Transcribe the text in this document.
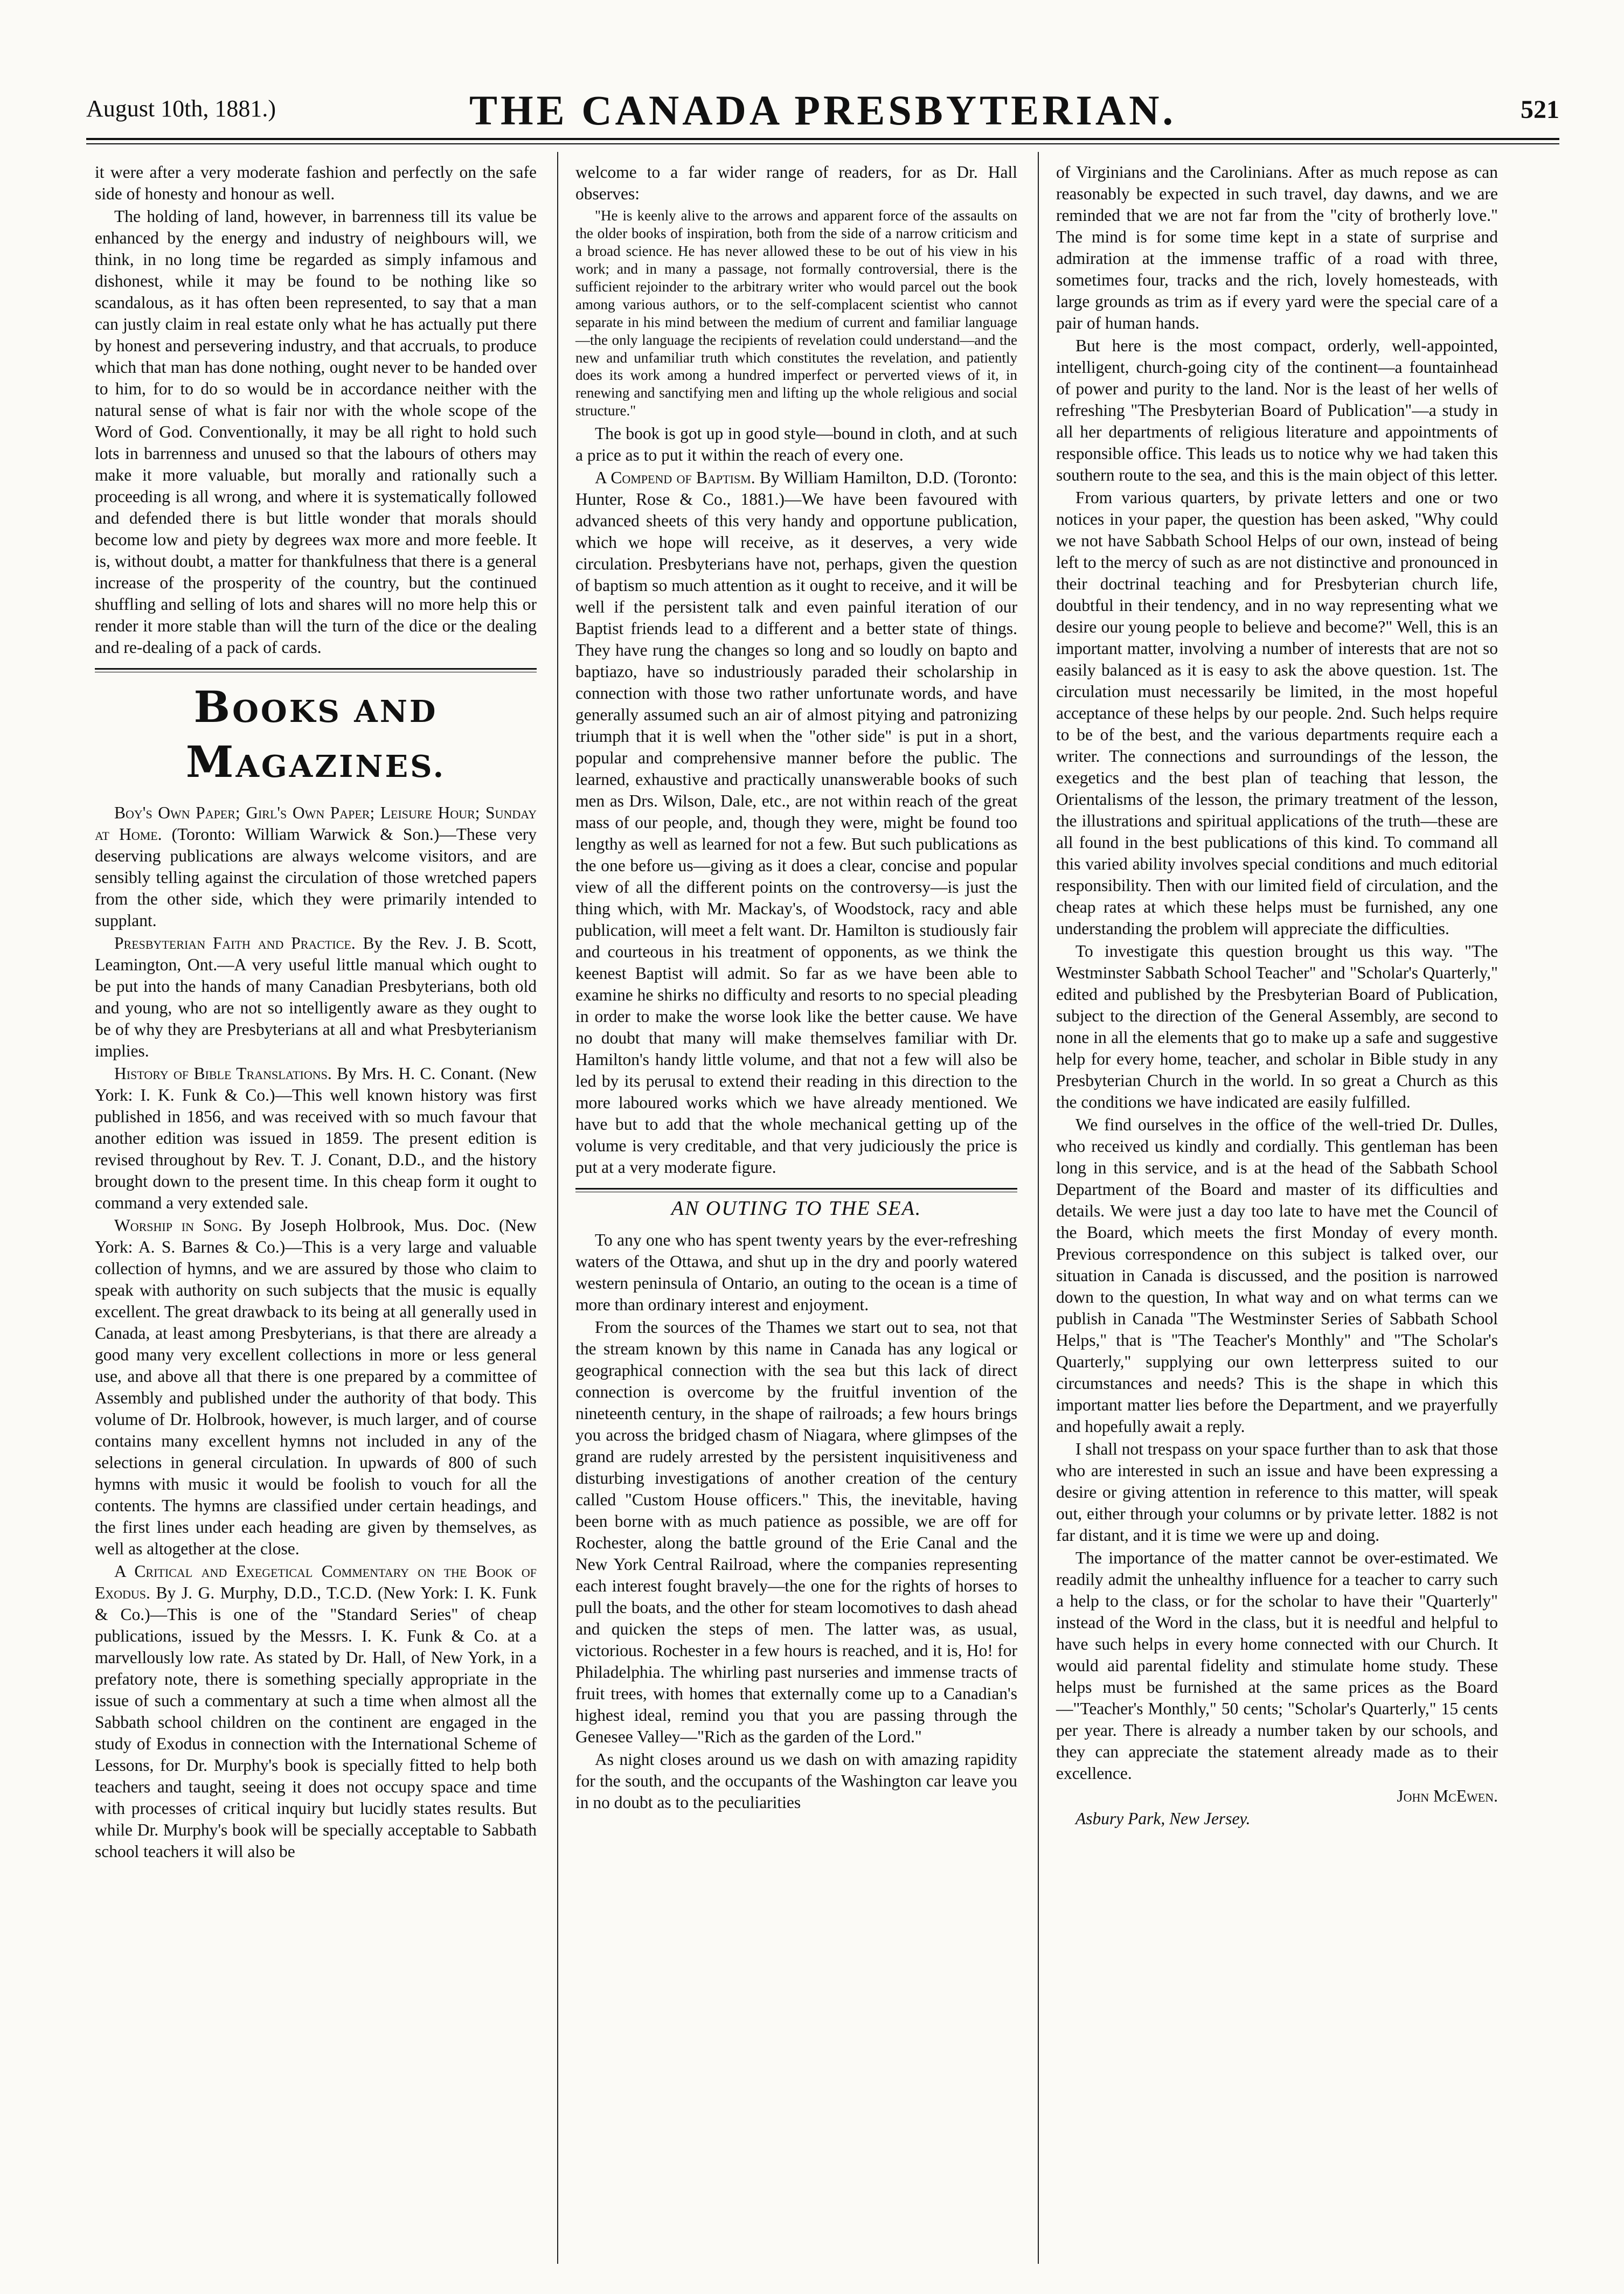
August 10th, 1881.)	THE CANADA PRESBYTERIAN.	521

it were after a very moderate fashion and perfectly on the safe side of honesty and honour as well.

The holding of land, however, in barrenness till its value be enhanced by the energy and industry of neighbours will, we think, in no long time be regarded as simply infamous and dishonest, while it may be found to be nothing like so scandalous, as it has often been represented, to say that a man can justly claim in real estate only what he has actually put there by honest and persevering industry, and that accruals, to produce which that man has done nothing, ought never to be handed over to him, for to do so would be in accordance neither with the natural sense of what is fair nor with the whole scope of the Word of God. Conventionally, it may be all right to hold such lots in barrenness and unused so that the labours of others may make it more valuable, but morally and rationally such a proceeding is all wrong, and where it is systematically followed and defended there is but little wonder that morals should become low and piety by degrees wax more and more feeble. It is, without doubt, a matter for thankfulness that there is a general increase of the prosperity of the country, but the continued shuffling and selling of lots and shares will no more help this or render it more stable than will the turn of the dice or the dealing and re-dealing of a pack of cards.

BOOKS AND MAGAZINES.

Boy's Own Paper; Girl's Own Paper; Leisure Hour; Sunday at Home. (Toronto: William Warwick & Son.)—These very deserving publications are always welcome visitors, and are sensibly telling against the circulation of those wretched papers from the other side, which they were primarily intended to supplant.

Presbyterian Faith and Practice. By the Rev. J. B. Scott, Leamington, Ont.—A very useful little manual which ought to be put into the hands of many Canadian Presbyterians, both old and young, who are not so intelligently aware as they ought to be of why they are Presbyterians at all and what Presbyterianism implies.

History of Bible Translations. By Mrs. H. C. Conant. (New York: I. K. Funk & Co.)—This well known history was first published in 1856, and was received with so much favour that another edition was issued in 1859. The present edition is revised throughout by Rev. T. J. Conant, D.D., and the history brought down to the present time. In this cheap form it ought to command a very extended sale.

Worship in Song. By Joseph Holbrook, Mus. Doc. (New York: A. S. Barnes & Co.)—This is a very large and valuable collection of hymns, and we are assured by those who claim to speak with authority on such subjects that the music is equally excellent. The great drawback to its being at all generally used in Canada, at least among Presbyterians, is that there are already a good many very excellent collections in more or less general use, and above all that there is one prepared by a committee of Assembly and published under the authority of that body. This volume of Dr. Holbrook, however, is much larger, and of course contains many excellent hymns not included in any of the selections in general circulation. In upwards of 800 of such hymns with music it would be foolish to vouch for all the contents. The hymns are classified under certain headings, and the first lines under each heading are given by themselves, as well as altogether at the close.

A Critical and Exegetical Commentary on the Book of Exodus. By J. G. Murphy, D.D., T.C.D. (New York: I. K. Funk & Co.)—This is one of the "Standard Series" of cheap publications, issued by the Messrs. I. K. Funk & Co. at a marvellously low rate. As stated by Dr. Hall, of New York, in a prefatory note, there is something specially appropriate in the issue of such a commentary at such a time when almost all the Sabbath school children on the continent are engaged in the study of Exodus in connection with the International Scheme of Lessons, for Dr. Murphy's book is specially fitted to help both teachers and taught, seeing it does not occupy space and time with processes of critical inquiry but lucidly states results. But while Dr. Murphy's book will be specially acceptable to Sabbath school teachers it will also be

welcome to a far wider range of readers, for as Dr. Hall observes:

"He is keenly alive to the arrows and apparent force of the assaults on the older books of inspiration, both from the side of a narrow criticism and a broad science. He has never allowed these to be out of his view in his work; and in many a passage, not formally controversial, there is the sufficient rejoinder to the arbitrary writer who would parcel out the book among various authors, or to the self-complacent scientist who cannot separate in his mind between the medium of current and familiar language—the only language the recipients of revelation could understand—and the new and unfamiliar truth which constitutes the revelation, and patiently does its work among a hundred imperfect or perverted views of it, in renewing and sanctifying men and lifting up the whole religious and social structure."

The book is got up in good style—bound in cloth, and at such a price as to put it within the reach of every one.

A Compend of Baptism. By William Hamilton, D.D. (Toronto: Hunter, Rose & Co., 1881.)—We have been favoured with advanced sheets of this very handy and opportune publication, which we hope will receive, as it deserves, a very wide circulation. Presbyterians have not, perhaps, given the question of baptism so much attention as it ought to receive, and it will be well if the persistent talk and even painful iteration of our Baptist friends lead to a different and a better state of things. They have rung the changes so long and so loudly on bapto and baptiazo, have so industriously paraded their scholarship in connection with those two rather unfortunate words, and have generally assumed such an air of almost pitying and patronizing triumph that it is well when the "other side" is put in a short, popular and comprehensive manner before the public. The learned, exhaustive and practically unanswerable books of such men as Drs. Wilson, Dale, etc., are not within reach of the great mass of our people, and, though they were, might be found too lengthy as well as learned for not a few. But such publications as the one before us—giving as it does a clear, concise and popular view of all the different points on the controversy—is just the thing which, with Mr. Mackay's, of Woodstock, racy and able publication, will meet a felt want. Dr. Hamilton is studiously fair and courteous in his treatment of opponents, as we think the keenest Baptist will admit. So far as we have been able to examine he shirks no difficulty and resorts to no special pleading in order to make the worse look like the better cause. We have no doubt that many will make themselves familiar with Dr. Hamilton's handy little volume, and that not a few will also be led by its perusal to extend their reading in this direction to the more laboured works which we have already mentioned. We have but to add that the whole mechanical getting up of the volume is very creditable, and that very judiciously the price is put at a very moderate figure.

AN OUTING TO THE SEA.

To any one who has spent twenty years by the ever-refreshing waters of the Ottawa, and shut up in the dry and poorly watered western peninsula of Ontario, an outing to the ocean is a time of more than ordinary interest and enjoyment.

From the sources of the Thames we start out to sea, not that the stream known by this name in Canada has any logical or geographical connection with the sea but this lack of direct connection is overcome by the fruitful invention of the nineteenth century, in the shape of railroads; a few hours brings you across the bridged chasm of Niagara, where glimpses of the grand are rudely arrested by the persistent inquisitiveness and disturbing investigations of another creation of the century called "Custom House officers." This, the inevitable, having been borne with as much patience as possible, we are off for Rochester, along the battle ground of the Erie Canal and the New York Central Railroad, where the companies representing each interest fought bravely—the one for the rights of horses to pull the boats, and the other for steam locomotives to dash ahead and quicken the steps of men. The latter was, as usual, victorious. Rochester in a few hours is reached, and it is, Ho! for Philadelphia. The whirling past nurseries and immense tracts of fruit trees, with homes that externally come up to a Canadian's highest ideal, remind you that you are passing through the Genesee Valley—"Rich as the garden of the Lord."

As night closes around us we dash on with amazing rapidity for the south, and the occupants of the Washington car leave you in no doubt as to the peculiarities

of Virginians and the Carolinians. After as much repose as can reasonably be expected in such travel, day dawns, and we are reminded that we are not far from the "city of brotherly love." The mind is for some time kept in a state of surprise and admiration at the immense traffic of a road with three, sometimes four, tracks and the rich, lovely homesteads, with large grounds as trim as if every yard were the special care of a pair of human hands.

But here is the most compact, orderly, well-appointed, intelligent, church-going city of the continent—a fountainhead of power and purity to the land. Nor is the least of her wells of refreshing "The Presbyterian Board of Publication"—a study in all her departments of religious literature and appointments of responsible office. This leads us to notice why we had taken this southern route to the sea, and this is the main object of this letter.

From various quarters, by private letters and one or two notices in your paper, the question has been asked, "Why could we not have Sabbath School Helps of our own, instead of being left to the mercy of such as are not distinctive and pronounced in their doctrinal teaching and for Presbyterian church life, doubtful in their tendency, and in no way representing what we desire our young people to believe and become?" Well, this is an important matter, involving a number of interests that are not so easily balanced as it is easy to ask the above question. 1st. The circulation must necessarily be limited, in the most hopeful acceptance of these helps by our people. 2nd. Such helps require to be of the best, and the various departments require each a writer. The connections and surroundings of the lesson, the exegetics and the best plan of teaching that lesson, the Orientalisms of the lesson, the primary treatment of the lesson, the illustrations and spiritual applications of the truth—these are all found in the best publications of this kind. To command all this varied ability involves special conditions and much editorial responsibility. Then with our limited field of circulation, and the cheap rates at which these helps must be furnished, any one understanding the problem will appreciate the difficulties.

To investigate this question brought us this way. "The Westminster Sabbath School Teacher" and "Scholar's Quarterly," edited and published by the Presbyterian Board of Publication, subject to the direction of the General Assembly, are second to none in all the elements that go to make up a safe and suggestive help for every home, teacher, and scholar in Bible study in any Presbyterian Church in the world. In so great a Church as this the conditions we have indicated are easily fulfilled.

We find ourselves in the office of the well-tried Dr. Dulles, who received us kindly and cordially. This gentleman has been long in this service, and is at the head of the Sabbath School Department of the Board and master of its difficulties and details. We were just a day too late to have met the Council of the Board, which meets the first Monday of every month. Previous correspondence on this subject is talked over, our situation in Canada is discussed, and the position is narrowed down to the question, In what way and on what terms can we publish in Canada "The Westminster Series of Sabbath School Helps," that is "The Teacher's Monthly" and "The Scholar's Quarterly," supplying our own letterpress suited to our circumstances and needs? This is the shape in which this important matter lies before the Department, and we prayerfully and hopefully await a reply.

I shall not trespass on your space further than to ask that those who are interested in such an issue and have been expressing a desire or giving attention in reference to this matter, will speak out, either through your columns or by private letter. 1882 is not far distant, and it is time we were up and doing.

The importance of the matter cannot be over-estimated. We readily admit the unhealthy influence for a teacher to carry such a help to the class, or for the scholar to have their "Quarterly" instead of the Word in the class, but it is needful and helpful to have such helps in every home connected with our Church. It would aid parental fidelity and stimulate home study. These helps must be furnished at the same prices as the Board—"Teacher's Monthly," 50 cents; "Scholar's Quarterly," 15 cents per year. There is already a number taken by our schools, and they can appreciate the statement already made as to their excellence.

John McEwen.

Asbury Park, New Jersey.
